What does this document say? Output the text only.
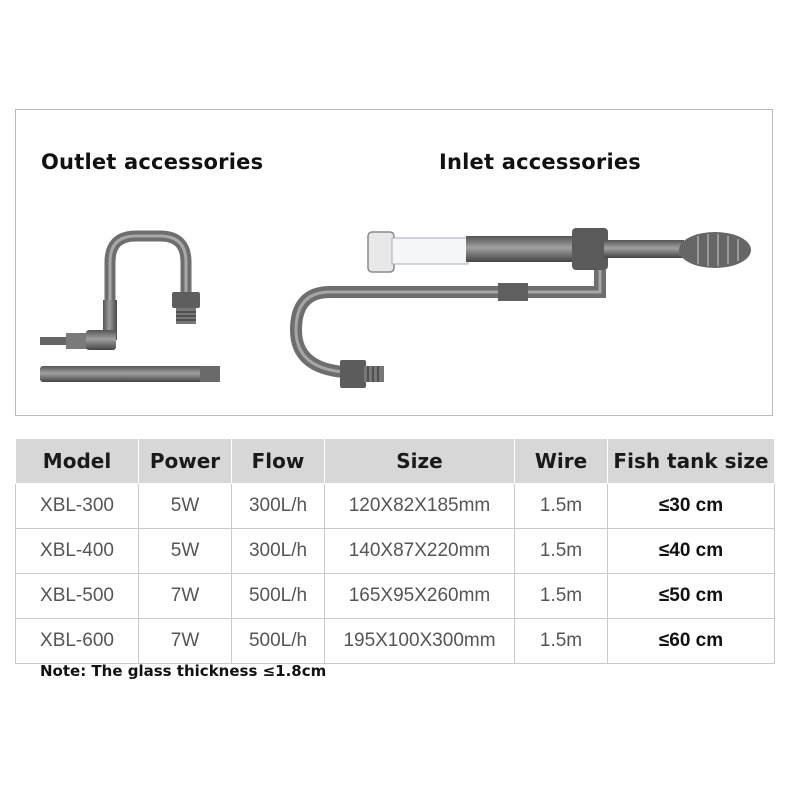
Outlet accessories	Inlet accessories
Model	Power	Flow	Size	Wire	Fish tank size
XBL-300	5W	300L/h	120X82X185mm	1.5m	≤30 cm
XBL-400	5W	300L/h	140X87X220mm	1.5m	≤40 cm
XBL-500	7W	500L/h	165X95X260mm	1.5m	≤50 cm
XBL-600	7W	500L/h	195X100X300mm	1.5m	≤60 cm
Note: The glass thickness ≤1.8cm
